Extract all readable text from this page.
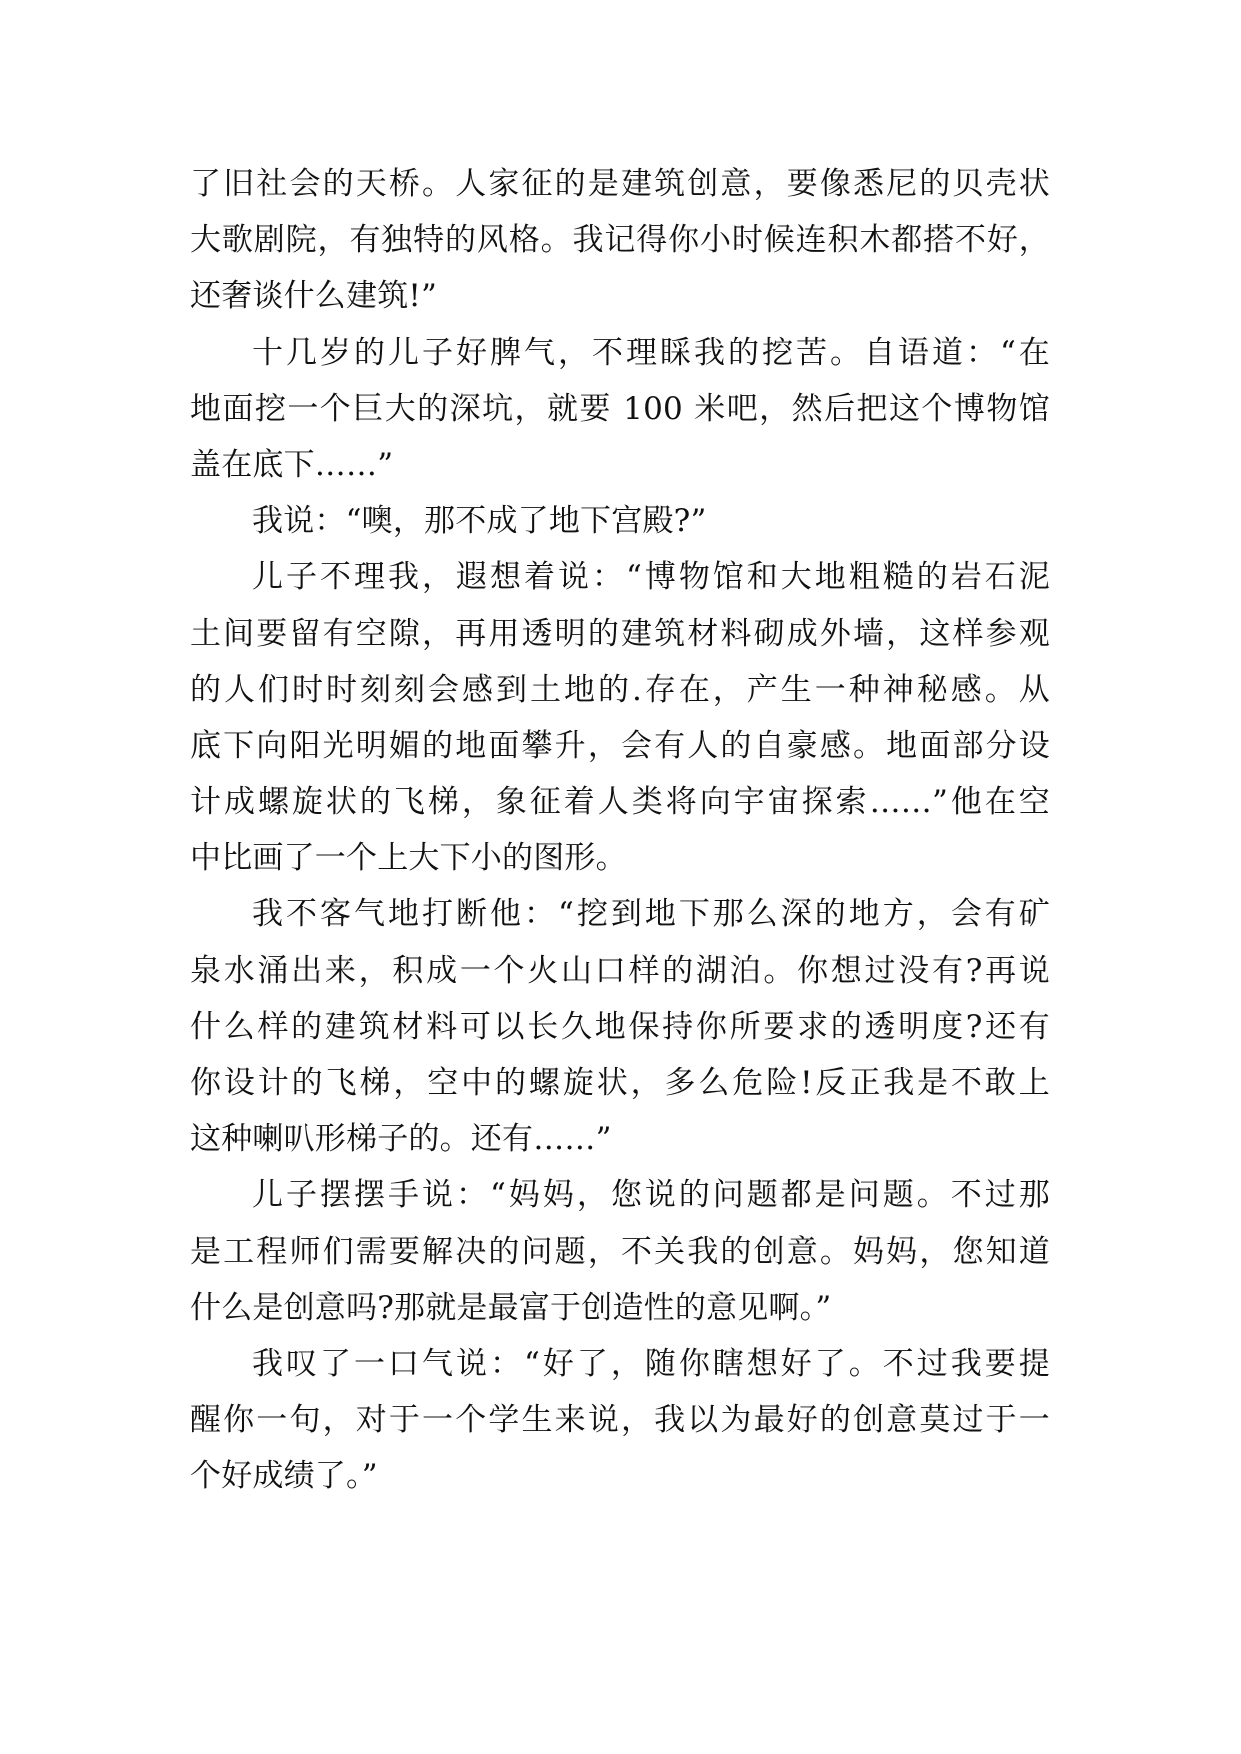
了旧社会的天桥。人家征的是建筑创意，要像悉尼的贝壳状
大歌剧院，有独特的风格。我记得你小时候连积木都搭不好，
还奢谈什么建筑!”
十几岁的儿子好脾气，不理睬我的挖苦。自语道：“在
地面挖一个巨大的深坑，就要 100 米吧，然后把这个博物馆
盖在底下……”
我说：“噢，那不成了地下宫殿?”
儿子不理我，遐想着说：“博物馆和大地粗糙的岩石泥
土间要留有空隙，再用透明的建筑材料砌成外墙，这样参观
的人们时时刻刻会感到土地的.存在，产生一种神秘感。从
底下向阳光明媚的地面攀升，会有人的自豪感。地面部分设
计成螺旋状的飞梯，象征着人类将向宇宙探索……”他在空
中比画了一个上大下小的图形。
我不客气地打断他：“挖到地下那么深的地方，会有矿
泉水涌出来，积成一个火山口样的湖泊。你想过没有?再说
什么样的建筑材料可以长久地保持你所要求的透明度?还有
你设计的飞梯，空中的螺旋状，多么危险!反正我是不敢上
这种喇叭形梯子的。还有……”
儿子摆摆手说：“妈妈，您说的问题都是问题。不过那
是工程师们需要解决的问题，不关我的创意。妈妈，您知道
什么是创意吗?那就是最富于创造性的意见啊。”
我叹了一口气说：“好了，随你瞎想好了。不过我要提
醒你一句，对于一个学生来说，我以为最好的创意莫过于一
个好成绩了。”
